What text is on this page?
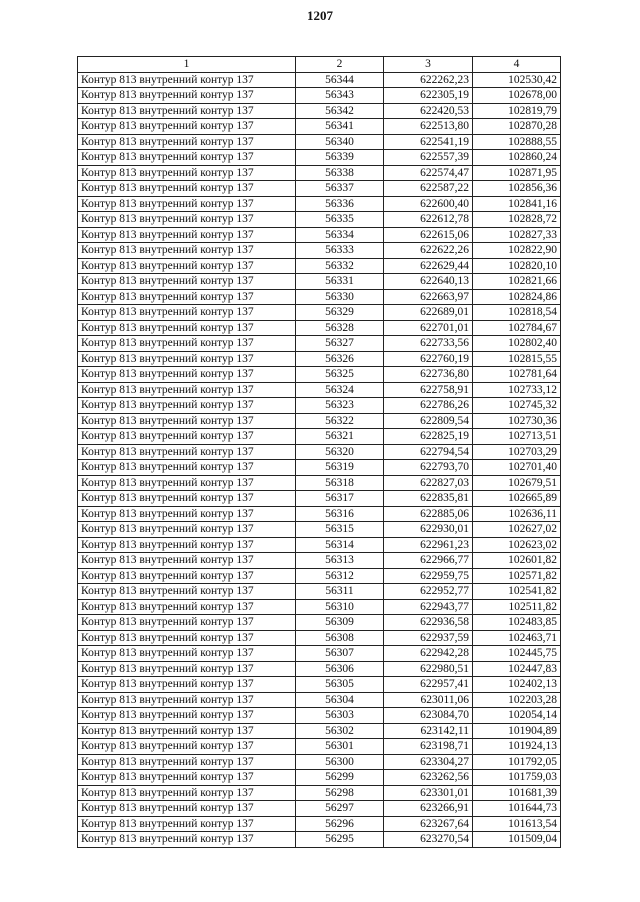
1207
1	2	3	4
Контур 813 внутренний контур 137	56344	622262,23	102530,42
Контур 813 внутренний контур 137	56343	622305,19	102678,00
Контур 813 внутренний контур 137	56342	622420,53	102819,79
Контур 813 внутренний контур 137	56341	622513,80	102870,28
Контур 813 внутренний контур 137	56340	622541,19	102888,55
Контур 813 внутренний контур 137	56339	622557,39	102860,24
Контур 813 внутренний контур 137	56338	622574,47	102871,95
Контур 813 внутренний контур 137	56337	622587,22	102856,36
Контур 813 внутренний контур 137	56336	622600,40	102841,16
Контур 813 внутренний контур 137	56335	622612,78	102828,72
Контур 813 внутренний контур 137	56334	622615,06	102827,33
Контур 813 внутренний контур 137	56333	622622,26	102822,90
Контур 813 внутренний контур 137	56332	622629,44	102820,10
Контур 813 внутренний контур 137	56331	622640,13	102821,66
Контур 813 внутренний контур 137	56330	622663,97	102824,86
Контур 813 внутренний контур 137	56329	622689,01	102818,54
Контур 813 внутренний контур 137	56328	622701,01	102784,67
Контур 813 внутренний контур 137	56327	622733,56	102802,40
Контур 813 внутренний контур 137	56326	622760,19	102815,55
Контур 813 внутренний контур 137	56325	622736,80	102781,64
Контур 813 внутренний контур 137	56324	622758,91	102733,12
Контур 813 внутренний контур 137	56323	622786,26	102745,32
Контур 813 внутренний контур 137	56322	622809,54	102730,36
Контур 813 внутренний контур 137	56321	622825,19	102713,51
Контур 813 внутренний контур 137	56320	622794,54	102703,29
Контур 813 внутренний контур 137	56319	622793,70	102701,40
Контур 813 внутренний контур 137	56318	622827,03	102679,51
Контур 813 внутренний контур 137	56317	622835,81	102665,89
Контур 813 внутренний контур 137	56316	622885,06	102636,11
Контур 813 внутренний контур 137	56315	622930,01	102627,02
Контур 813 внутренний контур 137	56314	622961,23	102623,02
Контур 813 внутренний контур 137	56313	622966,77	102601,82
Контур 813 внутренний контур 137	56312	622959,75	102571,82
Контур 813 внутренний контур 137	56311	622952,77	102541,82
Контур 813 внутренний контур 137	56310	622943,77	102511,82
Контур 813 внутренний контур 137	56309	622936,58	102483,85
Контур 813 внутренний контур 137	56308	622937,59	102463,71
Контур 813 внутренний контур 137	56307	622942,28	102445,75
Контур 813 внутренний контур 137	56306	622980,51	102447,83
Контур 813 внутренний контур 137	56305	622957,41	102402,13
Контур 813 внутренний контур 137	56304	623011,06	102203,28
Контур 813 внутренний контур 137	56303	623084,70	102054,14
Контур 813 внутренний контур 137	56302	623142,11	101904,89
Контур 813 внутренний контур 137	56301	623198,71	101924,13
Контур 813 внутренний контур 137	56300	623304,27	101792,05
Контур 813 внутренний контур 137	56299	623262,56	101759,03
Контур 813 внутренний контур 137	56298	623301,01	101681,39
Контур 813 внутренний контур 137	56297	623266,91	101644,73
Контур 813 внутренний контур 137	56296	623267,64	101613,54
Контур 813 внутренний контур 137	56295	623270,54	101509,04
